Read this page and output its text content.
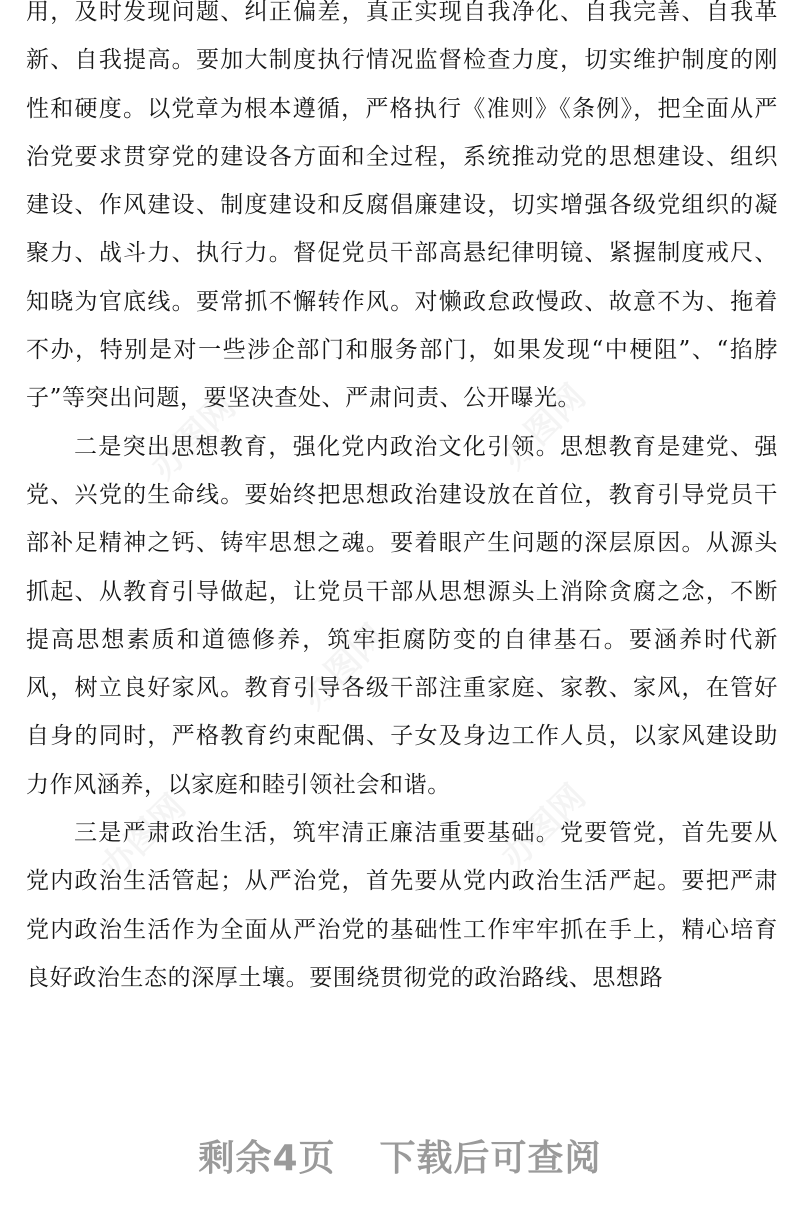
办图网	办图网
办图网
办图网	办图网

用，及时发现问题、纠正偏差，真正实现自我净化、自我完善、自我革新、自我提高。要加大制度执行情况监督检查力度，切实维护制度的刚性和硬度。以党章为根本遵循，严格执行《准则》《条例》，把全面从严治党要求贯穿党的建设各方面和全过程，系统推动党的思想建设、组织建设、作风建设、制度建设和反腐倡廉建设，切实增强各级党组织的凝聚力、战斗力、执行力。督促党员干部高悬纪律明镜、紧握制度戒尺、知晓为官底线。要常抓不懈转作风。对懒政怠政慢政、故意不为、拖着不办，特别是对一些涉企部门和服务部门，如果发现“中梗阻”、“掐脖子”等突出问题，要坚决查处、严肃问责、公开曝光。

二是突出思想教育，强化党内政治文化引领。思想教育是建党、强党、兴党的生命线。要始终把思想政治建设放在首位，教育引导党员干部补足精神之钙、铸牢思想之魂。要着眼产生问题的深层原因。从源头抓起、从教育引导做起，让党员干部从思想源头上消除贪腐之念，不断提高思想素质和道德修养，筑牢拒腐防变的自律基石。要涵养时代新风，树立良好家风。教育引导各级干部注重家庭、家教、家风，在管好自身的同时，严格教育约束配偶、子女及身边工作人员，以家风建设助力作风涵养，以家庭和睦引领社会和谐。

三是严肃政治生活，筑牢清正廉洁重要基础。党要管党，首先要从党内政治生活管起；从严治党，首先要从党内政治生活严起。要把严肃党内政治生活作为全面从严治党的基础性工作牢牢抓在手上，精心培育良好政治生态的深厚土壤。要围绕贯彻党的政治路线、思想路

剩余4页 下载后可查阅
